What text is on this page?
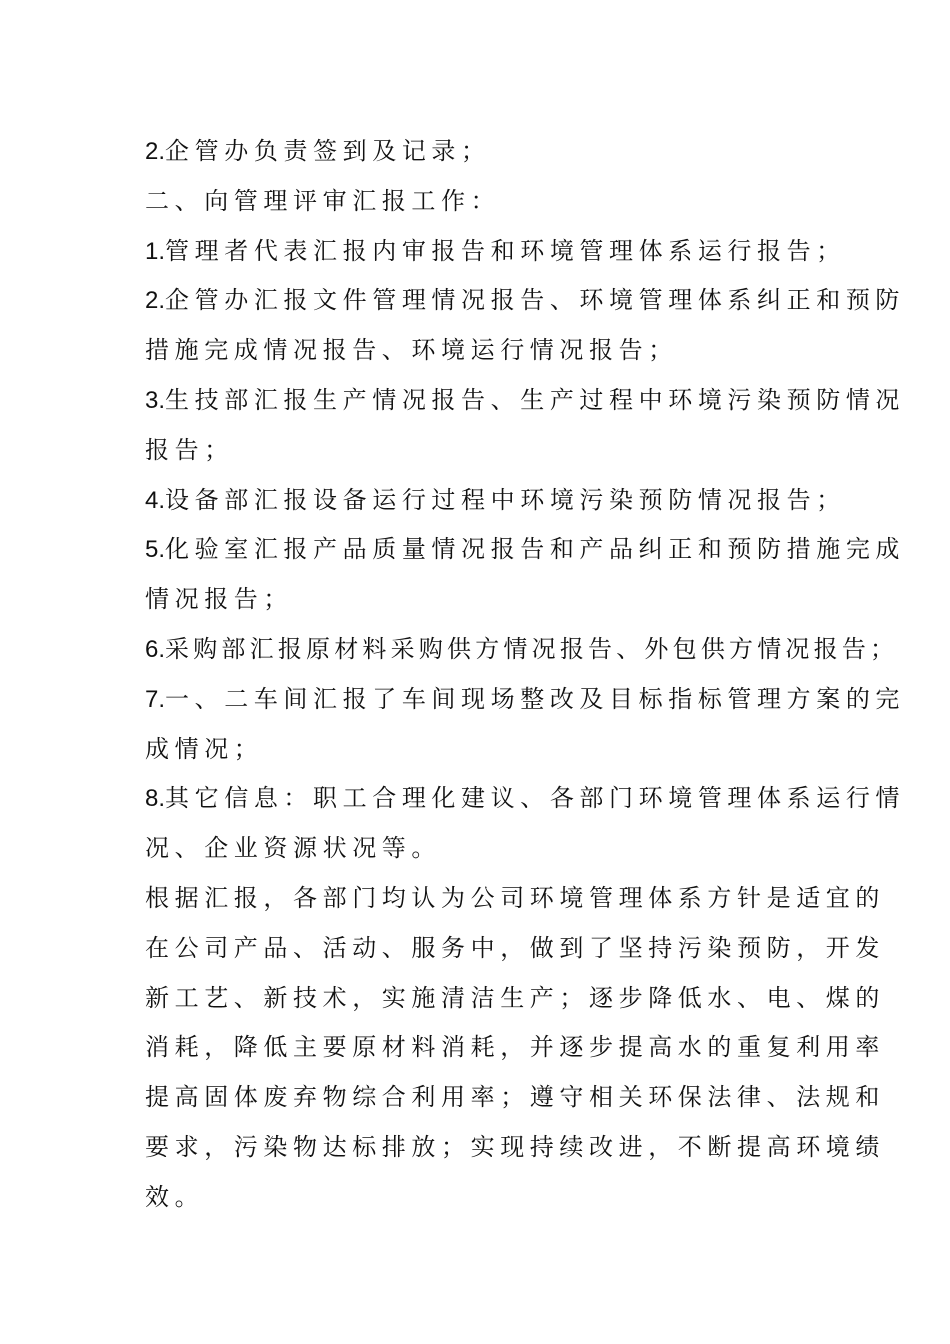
2.企管办负责签到及记录；
二、向管理评审汇报工作：
1.管理者代表汇报内审报告和环境管理体系运行报告；
2.企管办汇报文件管理情况报告、环境管理体系纠正和预防
措施完成情况报告、环境运行情况报告；
3.生技部汇报生产情况报告、生产过程中环境污染预防情况
报告；
4.设备部汇报设备运行过程中环境污染预防情况报告；
5.化验室汇报产品质量情况报告和产品纠正和预防措施完成
情况报告；
6.采购部汇报原材料采购供方情况报告、外包供方情况报告；
7.一、二车间汇报了车间现场整改及目标指标管理方案的完
成情况；
8.其它信息：职工合理化建议、各部门环境管理体系运行情
况、企业资源状况等。
根据汇报，各部门均认为公司环境管理体系方针是适宜的
在公司产品、活动、服务中，做到了坚持污染预防，开发
新工艺、新技术，实施清洁生产；逐步降低水、电、煤的
消耗，降低主要原材料消耗，并逐步提高水的重复利用率
提高固体废弃物综合利用率；遵守相关环保法律、法规和
要求，污染物达标排放；实现持续改进，不断提高环境绩
效。
